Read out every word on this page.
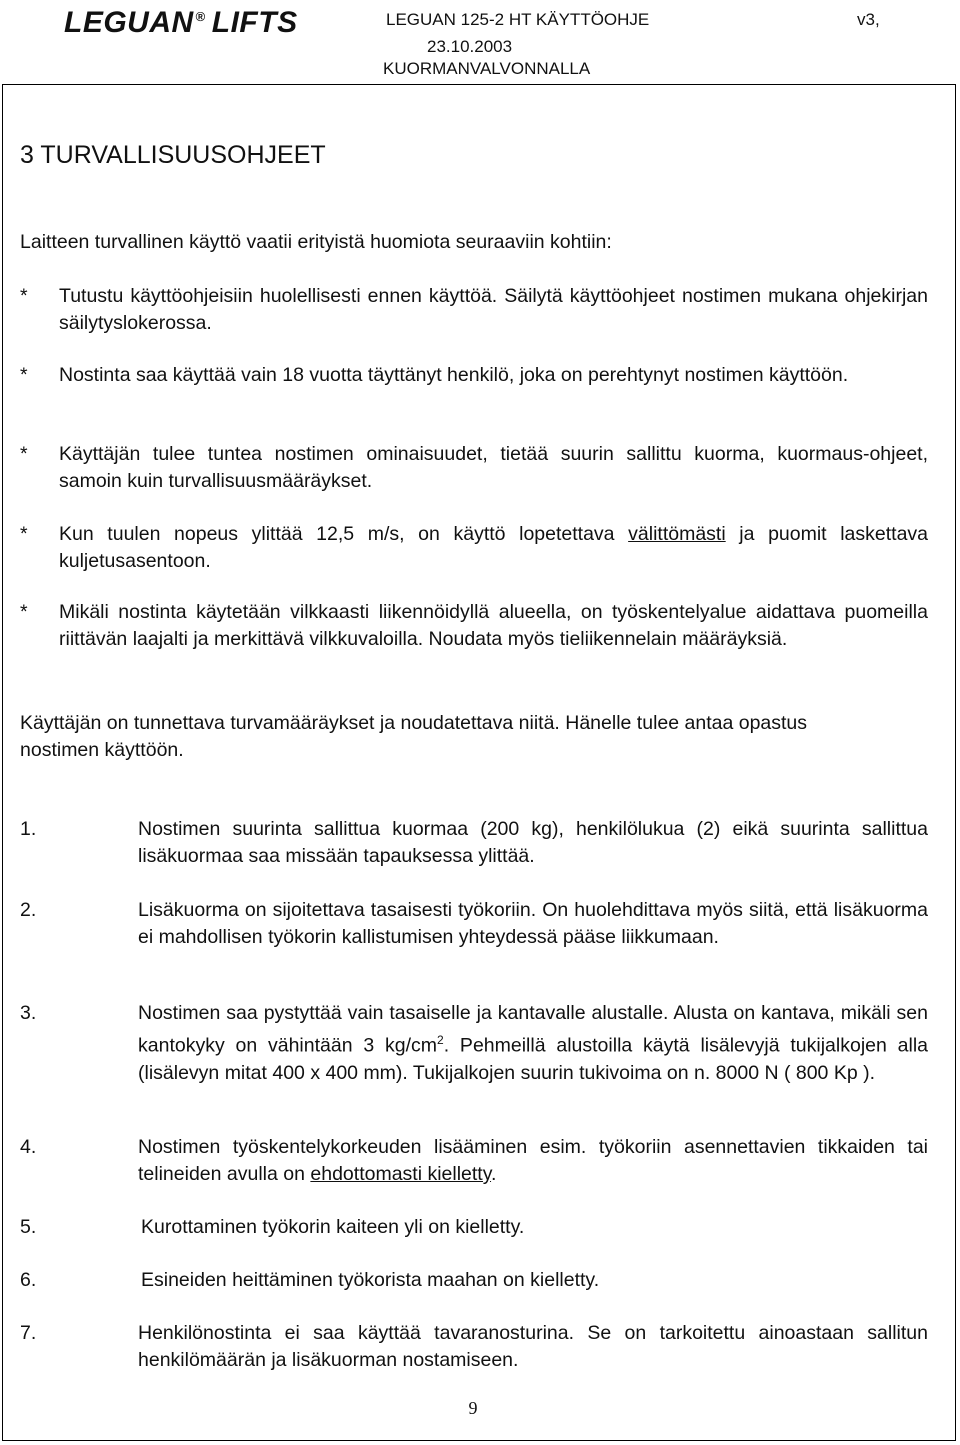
LEGUAN ® LIFTS	LEGUAN 125-2 HT KÄYTTÖOHJE	v3,
23.10.2003
KUORMANVALVONNALLA
3 TURVALLISUUSOHJEET

Laitteen turvallinen käyttö vaatii erityistä huomiota seuraaviin kohtiin:

* Tutustu käyttöohjeisiin huolellisesti ennen käyttöä. Säilytä käyttöohjeet nostimen mukana ohjekirjan säilytyslokerossa.
* Nostinta saa käyttää vain 18 vuotta täyttänyt henkilö, joka on perehtynyt nostimen käyttöön.
* Käyttäjän tulee tuntea nostimen ominaisuudet, tietää suurin sallittu kuorma, kuormaus-ohjeet, samoin kuin turvallisuusmääräykset.
* Kun tuulen nopeus ylittää 12,5 m/s, on käyttö lopetettava välittömästi ja puomit laskettava kuljetusasentoon.
* Mikäli nostinta käytetään vilkkaasti liikennöidyllä alueella, on työskentelyalue aidattava puomeilla riittävän laajalti ja merkittävä vilkkuvaloilla. Noudata myös tieliikennelain määräyksiä.

Käyttäjän on tunnettava turvamääräykset ja noudatettava niitä. Hänelle tulee antaa opastus nostimen käyttöön.

1.	Nostimen suurinta sallittua kuormaa (200 kg), henkilölukua (2) eikä suurinta sallittua lisäkuormaa saa missään tapauksessa ylittää.
2.	Lisäkuorma on sijoitettava tasaisesti työkoriin. On huolehdittava myös siitä, että lisäkuorma ei mahdollisen työkorin kallistumisen yhteydessä pääse liikkumaan.
3.	Nostimen saa pystyttää vain tasaiselle ja kantavalle alustalle. Alusta on kantava, mikäli sen kantokyky on vähintään 3 $kg/cm^2$. Pehmeillä alustoilla käytä lisälevyjä tukijalkojen alla (lisälevyn mitat 400 x 400 mm). Tukijalkojen suurin tukivoima on n. 8000 N ( 800 Kp ).
4.	Nostimen työskentelykorkeuden lisääminen esim. työkoriin asennettavien tikkaiden tai telineiden avulla on ehdottomasti kielletty.
5.	Kurottaminen työkorin kaiteen yli on kielletty.
6.	Esineiden heittäminen työkorista maahan on kielletty.
7.	Henkilönostinta ei saa käyttää tavaranosturina. Se on tarkoitettu ainoastaan sallitun henkilömäärän ja lisäkuorman nostamiseen.
9
